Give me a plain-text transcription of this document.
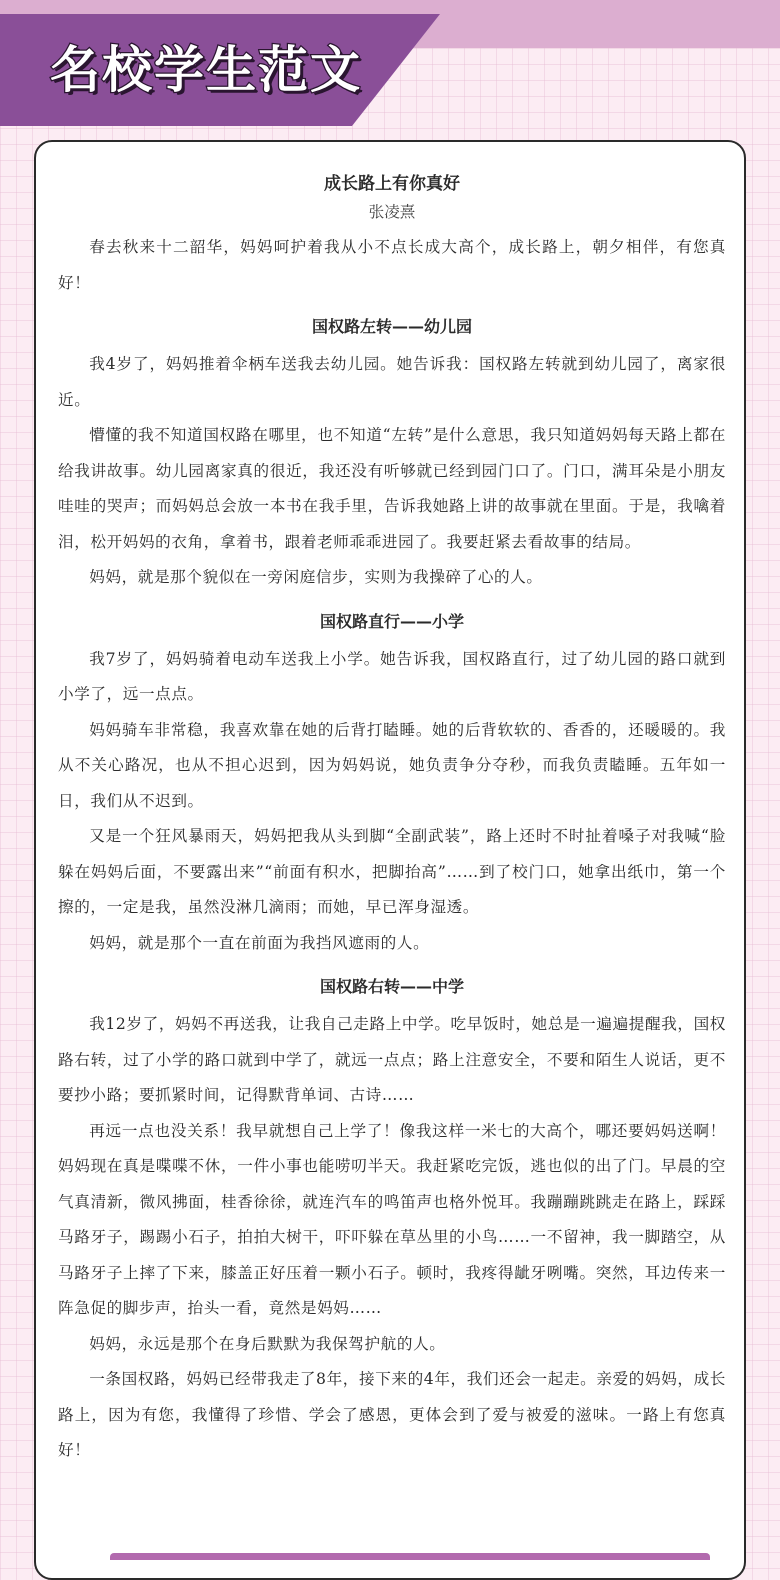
名校学生范文
成长路上有你真好

张凌熹

春去秋来十二韶华，妈妈呵护着我从小不点长成大高个，成长路上，朝夕相伴，有您真好！

国权路左转——幼儿园

我4岁了，妈妈推着伞柄车送我去幼儿园。她告诉我：国权路左转就到幼儿园了，离家很近。

懵懂的我不知道国权路在哪里，也不知道“左转”是什么意思，我只知道妈妈每天路上都在给我讲故事。幼儿园离家真的很近，我还没有听够就已经到园门口了。门口，满耳朵是小朋友哇哇的哭声；而妈妈总会放一本书在我手里，告诉我她路上讲的故事就在里面。于是，我噙着泪，松开妈妈的衣角，拿着书，跟着老师乖乖进园了。我要赶紧去看故事的结局。

妈妈，就是那个貌似在一旁闲庭信步，实则为我操碎了心的人。

国权路直行——小学

我7岁了，妈妈骑着电动车送我上小学。她告诉我，国权路直行，过了幼儿园的路口就到小学了，远一点点。

妈妈骑车非常稳，我喜欢靠在她的后背打瞌睡。她的后背软软的、香香的，还暖暖的。我从不关心路况，也从不担心迟到，因为妈妈说，她负责争分夺秒，而我负责瞌睡。五年如一日，我们从不迟到。

又是一个狂风暴雨天，妈妈把我从头到脚“全副武装”，路上还时不时扯着嗓子对我喊“脸躲在妈妈后面，不要露出来”“前面有积水，把脚抬高”……到了校门口，她拿出纸巾，第一个擦的，一定是我，虽然没淋几滴雨；而她，早已浑身湿透。

妈妈，就是那个一直在前面为我挡风遮雨的人。

国权路右转——中学

我12岁了，妈妈不再送我，让我自己走路上中学。吃早饭时，她总是一遍遍提醒我，国权路右转，过了小学的路口就到中学了，就远一点点；路上注意安全，不要和陌生人说话，更不要抄小路；要抓紧时间，记得默背单词、古诗……

再远一点也没关系！我早就想自己上学了！像我这样一米七的大高个，哪还要妈妈送啊！妈妈现在真是喋喋不休，一件小事也能唠叨半天。我赶紧吃完饭，逃也似的出了门。早晨的空气真清新，微风拂面，桂香徐徐，就连汽车的鸣笛声也格外悦耳。我蹦蹦跳跳走在路上，踩踩马路牙子，踢踢小石子，拍拍大树干，吓吓躲在草丛里的小鸟……一不留神，我一脚踏空，从马路牙子上摔了下来，膝盖正好压着一颗小石子。顿时，我疼得龇牙咧嘴。突然，耳边传来一阵急促的脚步声，抬头一看，竟然是妈妈……

妈妈，永远是那个在身后默默为我保驾护航的人。

一条国权路，妈妈已经带我走了8年，接下来的4年，我们还会一起走。亲爱的妈妈，成长路上，因为有您，我懂得了珍惜、学会了感恩，更体会到了爱与被爱的滋味。一路上有您真好！
